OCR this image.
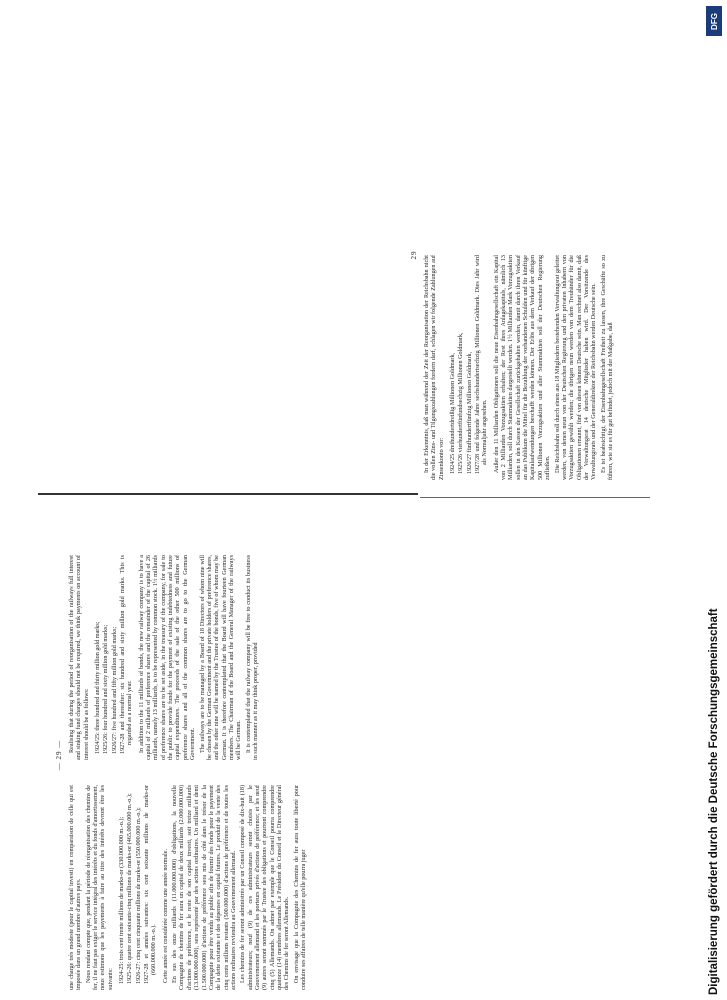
— 29 —

une charge très modeste (pour le capital investi) en comparaison de celle qui est imposée dans un grand nombre d'autres pays. Nous rendant compte que, pendant la période de réorganisation des chemins de fer, il ne faut pas exiger le service intégral des intérêts et du fonds d'amortissement, nous estimons que les payements à faire au titre des intérêts devront être les suivants: 1924-25: trois cent trente millions de marks-or (330.000.000 m.-o.); 1925-26: quatre cent soixante-cinq millions de marks-or (465.000.000 m.-o.); 1926-27: cinq cent cinquante millions de marks-or (550.000.000 m.-o.); 1927-28 et années suivantes: six cent soixante millions de marks-or (660.000.000 m.-o.). Cette année est considérée comme une année normale. En sus des onze milliards (11.000.000.000) d'obligations, la nouvelle Compagnie de chemins de fer aura un capital de deux milliards (2.000.000.000) d'actions de préférence, et le reste de son capital investi, soit treize milliards (13.000.000.000), sera représenté par des actions ordinaires. Un milliard et demi (1.500.000.000) d'actions de préférence sera mis de côté dans le trésor de la Compagnie pour être vendu au public afin de fournir des fonds pour le payement de la dette existante et des dépenses en capital futures. Le produit de la vente des cinq cents millions restants (500.000.000) d'actions de préférence et de toutes les actions ordinaires reviendra au Gouvernement allemand. Les chemins de fer seront administrés par un Conseil composé de dix-huit (18) administrateurs; neuf (9) de ces administrateurs seront choisis par le Gouvernement allemand et les porteurs privés d'actions de préférence; et les neuf (9) autres seront nommés par le Trustee des obligations et pourront comprendre cinq (5) Allemands. On admet par exemple que le Conseil pourra comprendre quatorze (14) membres allemands. Le Président du Conseil et le Directeur général des Chemins de fer seront Allemands. On envisage que la Compagnie des Chemins de fer aura toute liberté pour conduire ses affaires de telle manière qu'elle pourra juger

Realising that during the period of reorganisation of the railways full interest and sinking fund charges should not be required, we think payments on account of interest should be as follows: 1924/25: three hundred and thirty million gold marks; 1925/26: four hundred and sixty million gold marks; 1926/27: five hundred and fifty million gold marks; 1927-28 and thereafter: six hundred and sixty million gold marks. This is regarded as a normal year. In addition to the 11 milliards of bonds, the new railway company is to have a capital of 2 milliards of preference shares and the remainder of the capital of 26 milliards, namely 13 milliards, is to be represented by common stock. 1½ milliards of preference shares are to be set aside, in the treasury of the company, for sale to the public to provide funds for the payment of existing indebtedness and future capital expenditures. The proceeds of the sale of the other 500 millions of preference shares and all of the common shares are to go to the German Government. The railways are to be managed by a Board of 18 Directors of whom nine will be chosen by the German Government and the private holders of preference shares, and the other nine will be named by the Trustee of the bonds, five of whom may be German. It is therefore contemplated that the Board will have fourteen German members. The Chairman of the Board and the General Manager of the railways will be German. It is contemplated that the railway company will be free to conduct its business in such manner as it may think proper, provided

29 In der Erkenntnis, daß man während der Zeit der Reorganisation der Reichsbahn nicht die vollen Zins- und Tilgungszahlungen fordern darf, schlagen wir folgende Zahlungen auf Zinsenkonto vor: 1924/25 dreihundertdreißig Millionen Goldmark, 1925/26 vierhundertfünfundsechzig Millionen Goldmark, 1926/27 fünfhundertfünfzig Millionen Goldmark, 1927/28 und folgende Jahre sechshundertsechzig Millionen Goldmark. Dies Jahr wird als Normaljahr angesehen. Außer den 11 Milliarden Obligationen soll die neue Eisenbahngesellschaft ein Kapital von 2 Milliarden Vorzugsaktien erhalten; der Rest ihres Anlagekapitals, nämlich 13 Milliarden, soll durch Stammaktien dargestellt werden. 1½ Milliarden Mark Vorzugsaktien sollen in den Kassen der Gesellschaft zurückgehalten werden, damit durch ihren Verkauf an das Publikum die Mittel für die Bezahlung der vorhandenen Schulden und für künftige Kapitalaufwendungen beschafft werden können. Der Erlös aus dem Verkauf der übrigen 500 Millionen Vorzugsaktien und aller Stammaktien soll der Deutschen Regierung zufließen. Die Reichsbahn soll durch einen aus 18 Mitgliedern bestehenden Verwaltungsrat geleitet werden, von denen neun von der Deutschen Regierung und den privaten Inhabern von Vorzugsaktien gewählt werden; die übrigen neun werden von dem Treuhänder für die Obligationen ernannt, fünf von diesen können Deutsche sein. Man rechnet also damit, daß der Verwaltungsrat 14 deutsche Mitglieder haben wird. Der Vorsitzende des Verwaltungsrats und der Generaldirektor der Reichsbahn werden Deutsche sein. Es ist beabsichtigt, der Eisenbahngesellschaft Freiheit zu lassen, ihre Geschäfte so zu führen, wie sie es für gut befindet, jedoch mit der Maßgabe, daß

Digitalisierung gefördert durch die Deutsche Forschungsgemeinschaft
DFG
